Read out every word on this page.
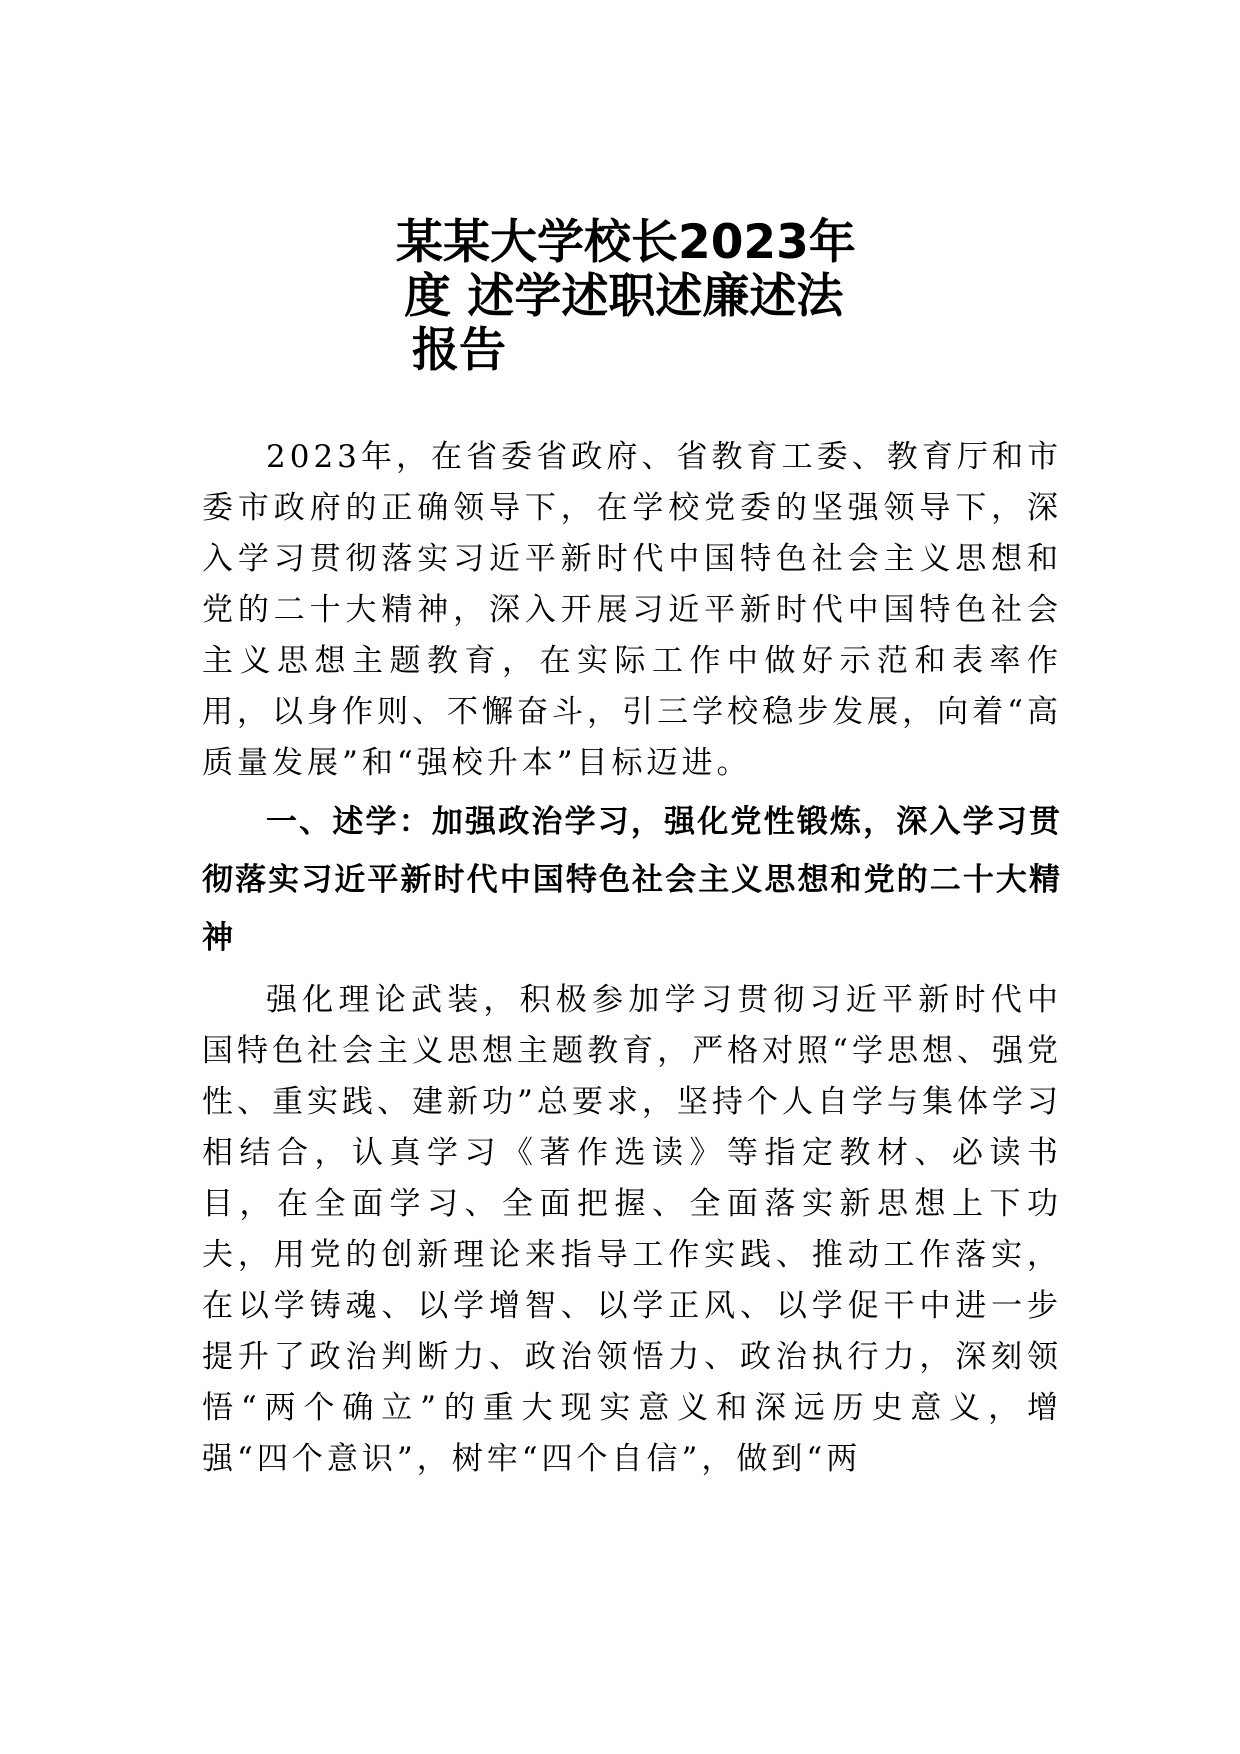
某某大学校长2023年
度 述学述职述廉述法
报告

2023年，在省委省政府、省教育工委、教育厅和市委市政府的正确领导下，在学校党委的坚强领导下，深入学习贯彻落实习近平新时代中国特色社会主义思想和党的二十大精神，深入开展习近平新时代中国特色社会主义思想主题教育，在实际工作中做好示范和表率作用，以身作则、不懈奋斗，引三学校稳步发展，向着“高质量发展”和“强校升本”目标迈进。

一、述学：加强政治学习，强化党性锻炼，深入学习贯彻落实习近平新时代中国特色社会主义思想和党的二十大精神

强化理论武装，积极参加学习贯彻习近平新时代中国特色社会主义思想主题教育，严格对照“学思想、强党性、重实践、建新功”总要求，坚持个人自学与集体学习相结合，认真学习《著作选读》等指定教材、必读书目，在全面学习、全面把握、全面落实新思想上下功夫，用党的创新理论来指导工作实践、推动工作落实，在以学铸魂、以学增智、以学正风、以学促干中进一步提升了政治判断力、政治领悟力、政治执行力，深刻领悟“两个确立”的重大现实意义和深远历史意义，增强“四个意识”，树牢“四个自信”，做到“两
